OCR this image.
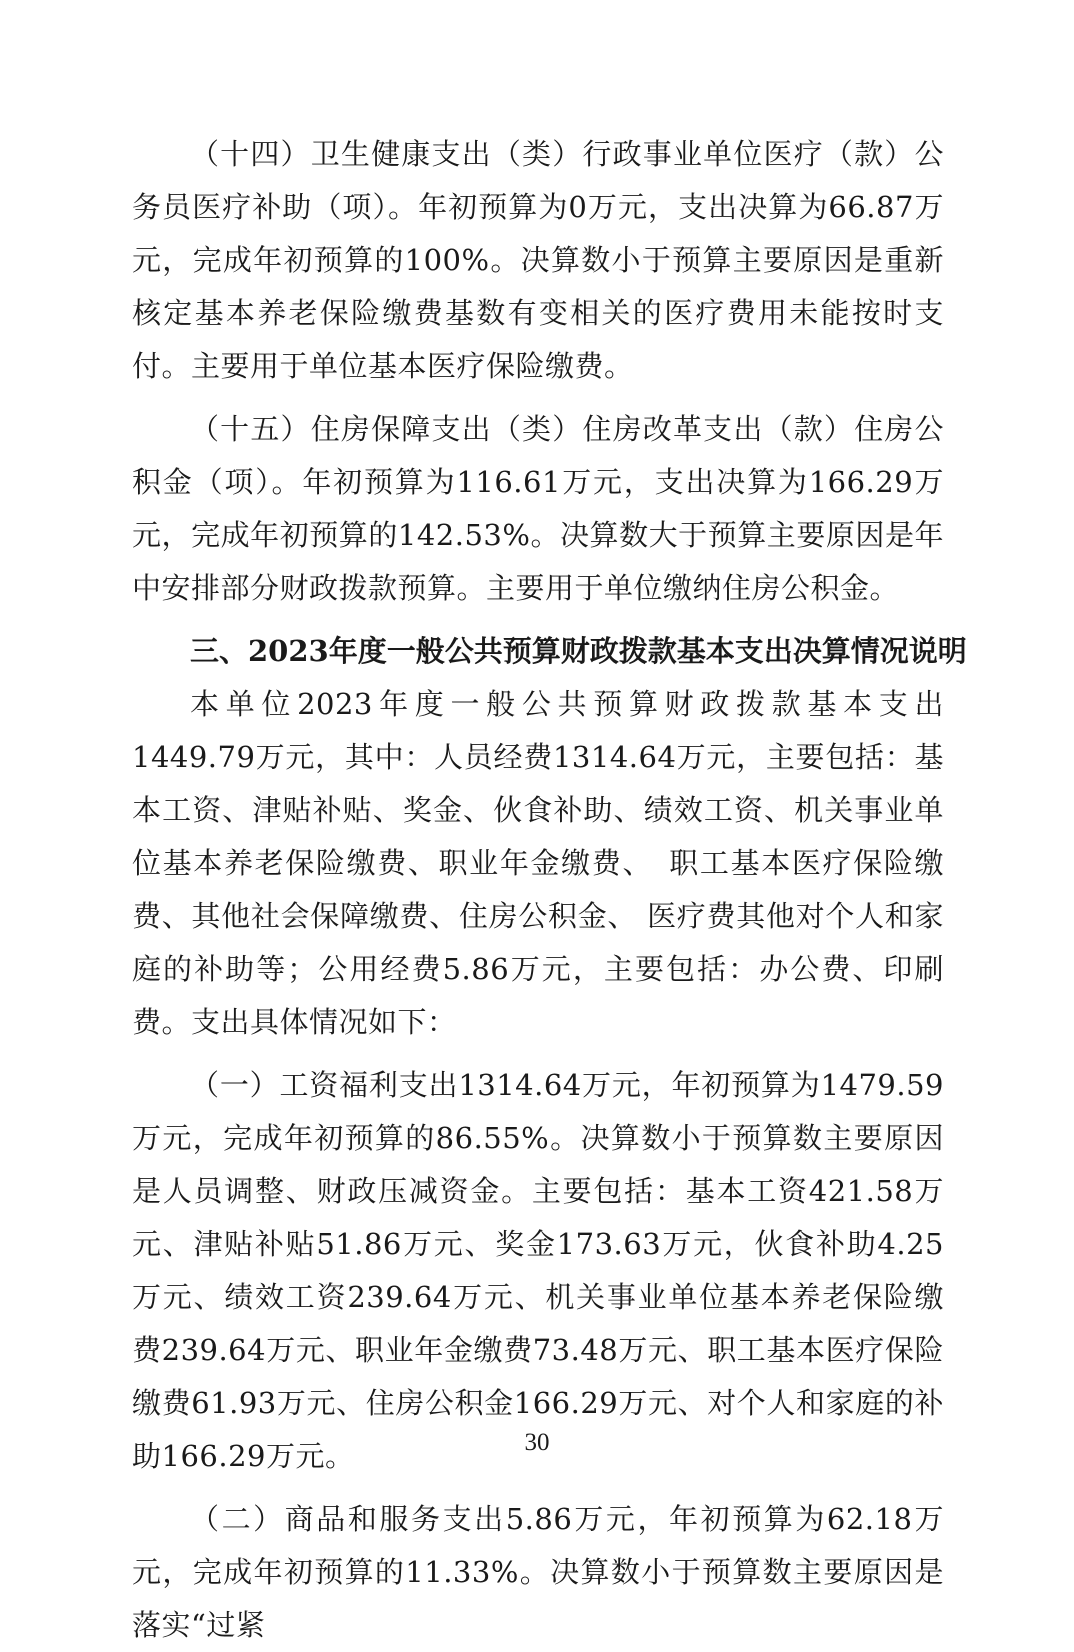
（十四）卫生健康支出（类）行政事业单位医疗（款）公务员医疗补助（项）。年初预算为0万元，支出决算为66.87万元，完成年初预算的100%。决算数小于预算主要原因是重新核定基本养老保险缴费基数有变相关的医疗费用未能按时支付。主要用于单位基本医疗保险缴费。

（十五）住房保障支出（类）住房改革支出（款）住房公积金（项）。年初预算为116.61万元，支出决算为166.29万元，完成年初预算的142.53%。决算数大于预算主要原因是年中安排部分财政拨款预算。主要用于单位缴纳住房公积金。

三、2023年度一般公共预算财政拨款基本支出决算情况说明

本单位2023年度一般公共预算财政拨款基本支出1449.79万元，其中：人员经费1314.64万元，主要包括：基本工资、津贴补贴、奖金、伙食补助、绩效工资、机关事业单位基本养老保险缴费、职业年金缴费、　职工基本医疗保险缴费、其他社会保障缴费、住房公积金、 医疗费其他对个人和家庭的补助等；公用经费5.86万元，主要包括：办公费、印刷费。支出具体情况如下：

（一）工资福利支出1314.64万元，年初预算为1479.59万元，完成年初预算的86.55%。决算数小于预算数主要原因是人员调整、财政压减资金。主要包括：基本工资421.58万元、津贴补贴51.86万元、奖金173.63万元，伙食补助4.25万元、绩效工资239.64万元、机关事业单位基本养老保险缴费239.64万元、职业年金缴费73.48万元、职工基本医疗保险缴费61.93万元、住房公积金166.29万元、对个人和家庭的补助166.29万元。

（二）商品和服务支出5.86万元，年初预算为62.18万元，完成年初预算的11.33%。决算数小于预算数主要原因是落实“过紧

30
